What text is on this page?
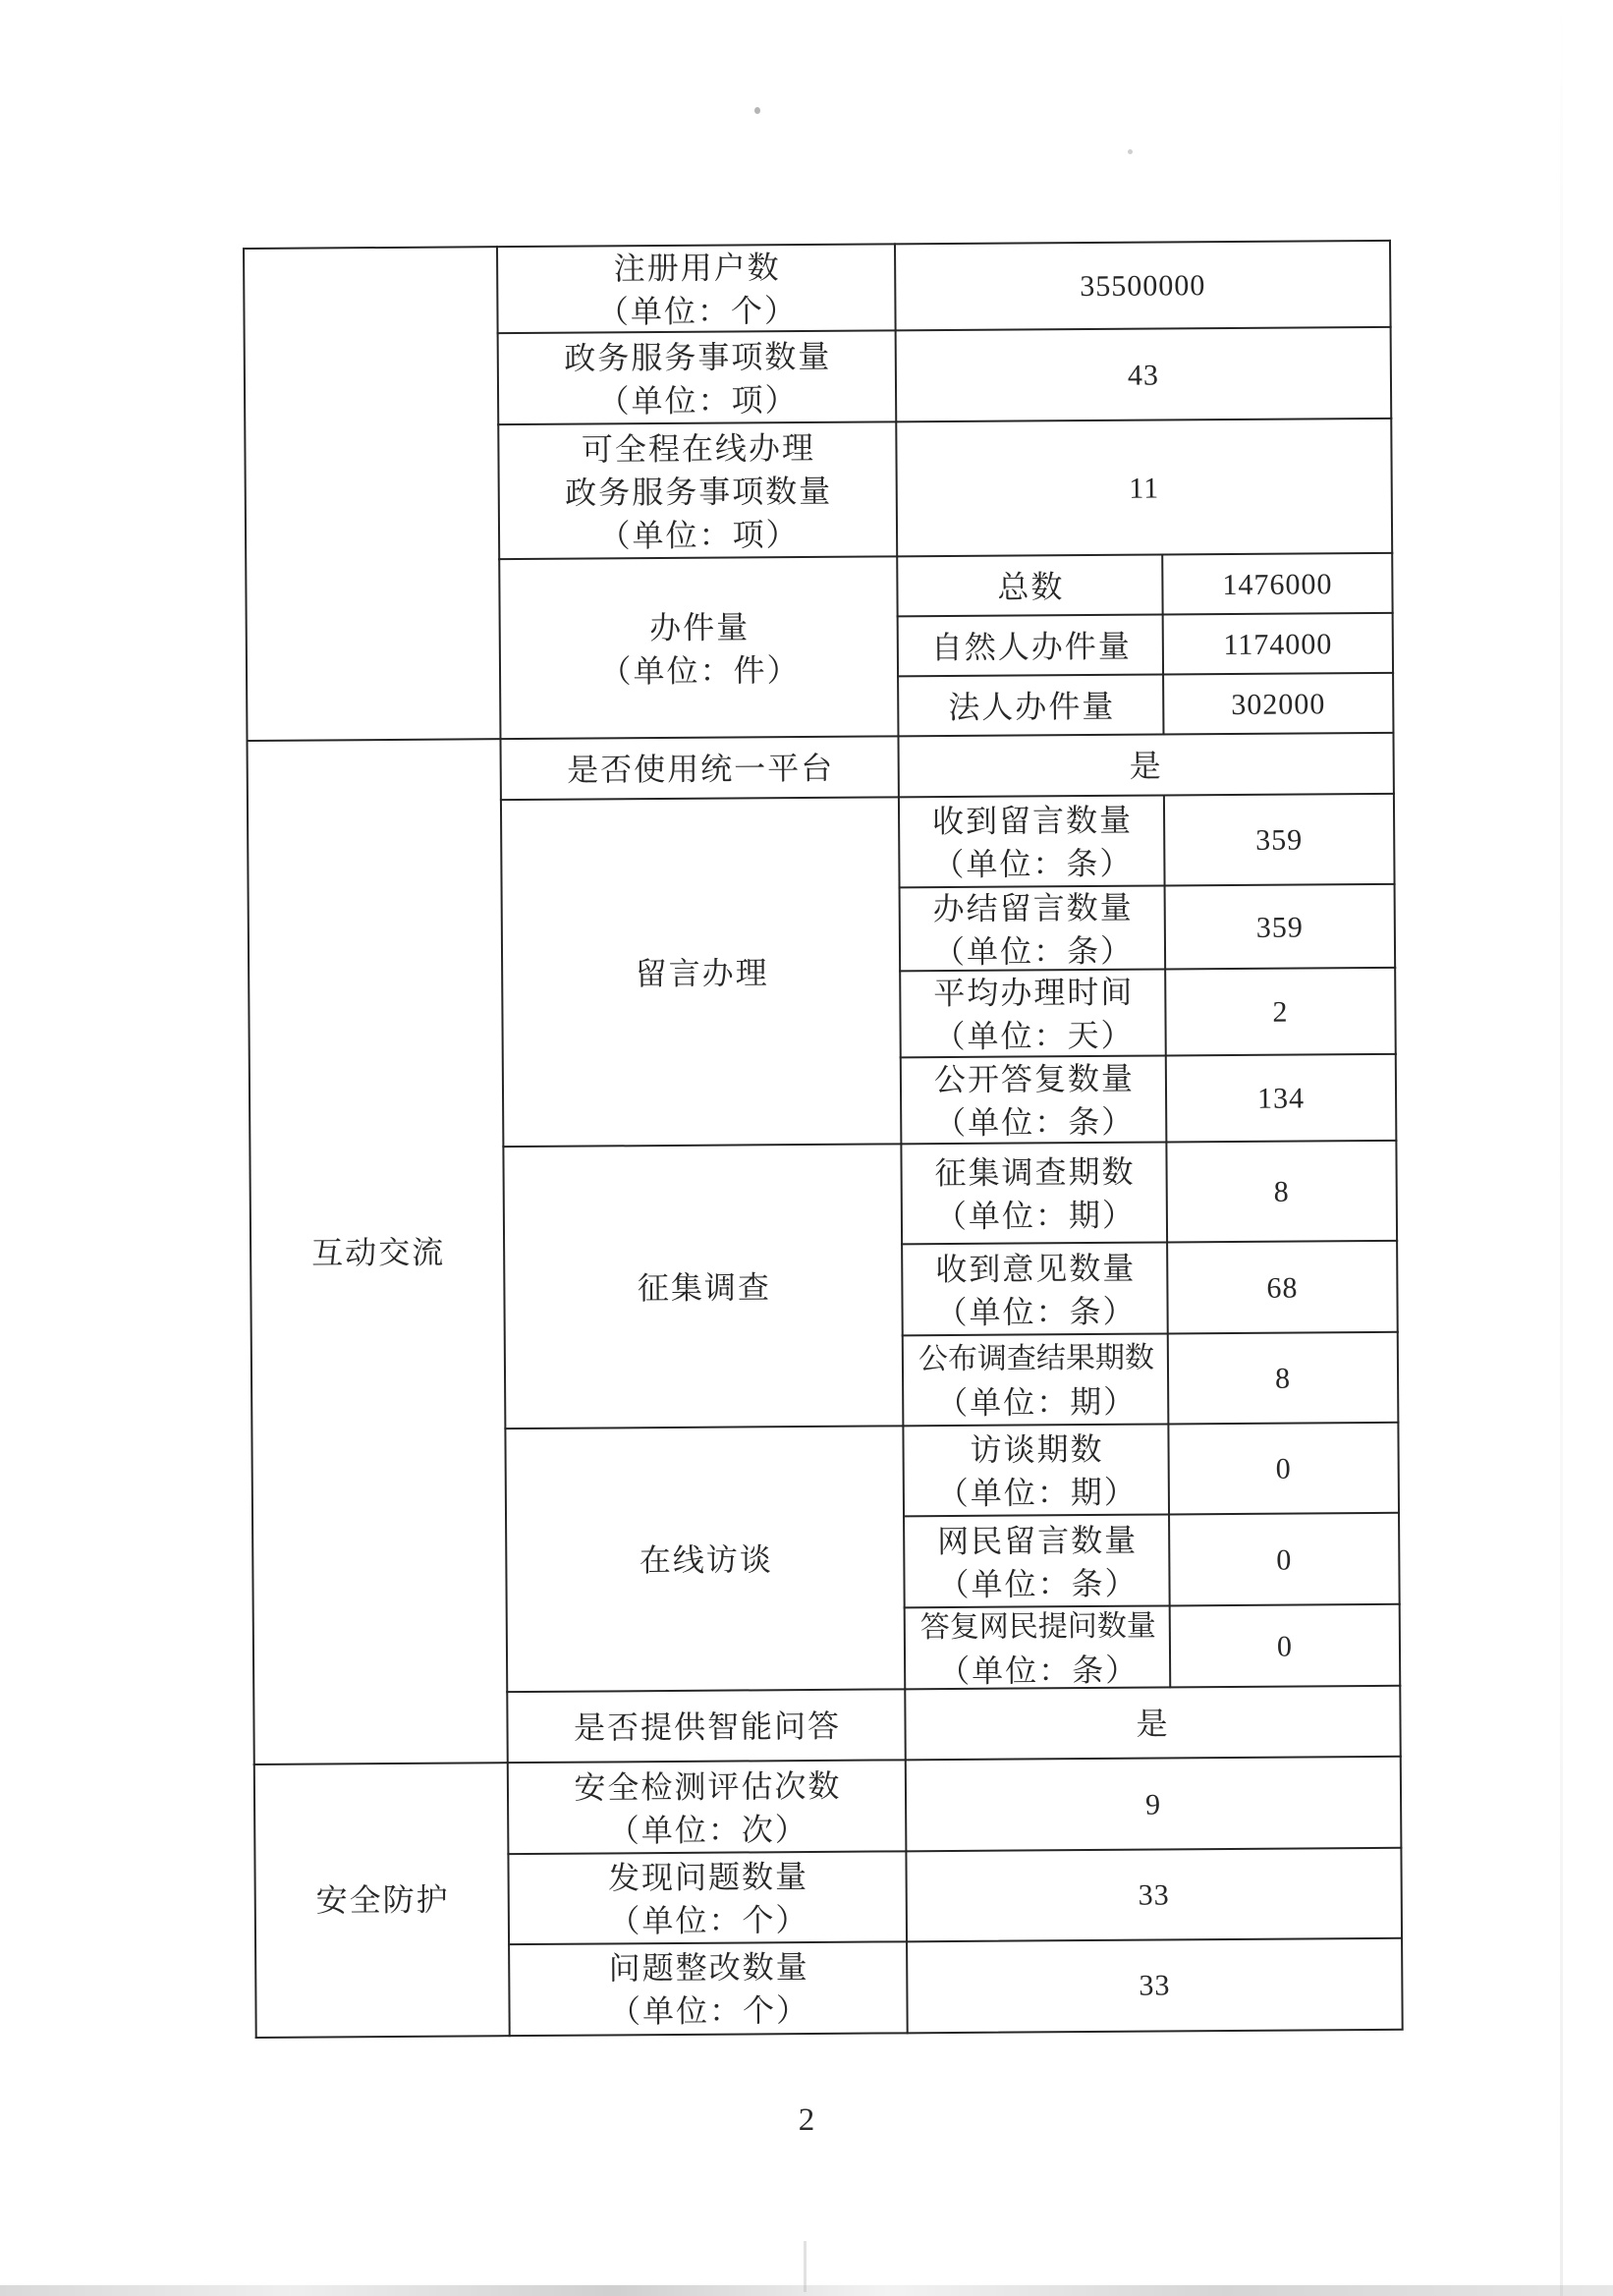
互动交流
安全防护
注册用户数
（单位：个）
政务服务事项数量
（单位：项）
可全程在线办理
政务服务事项数量
（单位：项）
办件量
（单位：件）
是否使用统一平台
留言办理
征集调查
在线访谈
是否提供智能问答
安全检测评估次数
（单位：次）
发现问题数量
（单位：个）
问题整改数量
（单位：个）
总数
自然人办件量
法人办件量
收到留言数量
（单位：条）
办结留言数量
（单位：条）
平均办理时间
（单位：天）
公开答复数量
（单位：条）
征集调查期数
（单位：期）
收到意见数量
（单位：条）
公布调查结果期数
（单位：期）
访谈期数
（单位：期）
网民留言数量
（单位：条）
答复网民提问数量
（单位：条）
1476000
1174000
302000
359
359
2
134
8
68
8
0
0
0
35500000
43
11
是
是
9
33
33
2
